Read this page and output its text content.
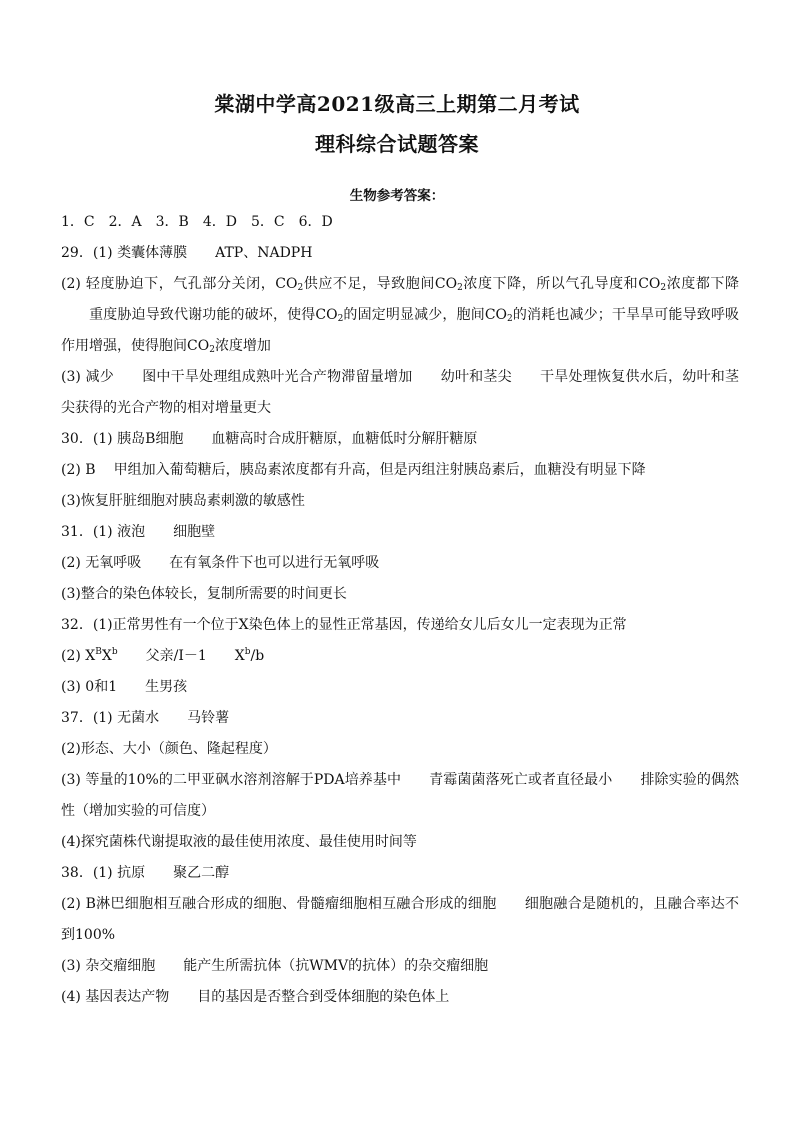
棠湖中学高2021级高三上期第二月考试
理科综合试题答案
生物参考答案：
1．C　2．A　3．B　4．D　5．C　6．D
29．(1) 类囊体薄膜 ATP、NADPH
(2) 轻度胁迫下，气孔部分关闭，$CO_2$供应不足，导致胞间$CO_2$浓度下降，所以气孔导度和$CO_2$浓度都下降重度胁迫导致代谢功能的破坏，使得$CO_2$的固定明显减少，胞间$CO_2$的消耗也减少；干旱旱可能导致呼吸作用增强，使得胞间$CO_2$浓度增加
(3) 减少 图中干旱处理组成熟叶光合产物滞留量增加 幼叶和茎尖 干旱处理恢复供水后，幼叶和茎尖获得的光合产物的相对增量更大
30．(1) 胰岛B细胞 血糖高时合成肝糖原，血糖低时分解肝糖原
(2) B 甲组加入葡萄糖后，胰岛素浓度都有升高，但是丙组注射胰岛素后，血糖没有明显下降
(3)恢复肝脏细胞对胰岛素刺激的敏感性
31．(1) 液泡 细胞壁
(2) 无氧呼吸 在有氧条件下也可以进行无氧呼吸
(3)整合的染色体较长，复制所需要的时间更长
32．(1)正常男性有一个位于X染色体上的显性正常基因，传递给女儿后女儿一定表现为正常
(2) $X^BX^b$ 父亲/I－1 $X^b/b$
(3) 0和1 生男孩
37．(1) 无菌水 马铃薯
(2)形态、大小（颜色、隆起程度）
(3) 等量的10%的二甲亚砜水溶剂溶解于PDA培养基中 青霉菌菌落死亡或者直径最小 排除实验的偶然性（增加实验的可信度）
(4)探究菌株代谢提取液的最佳使用浓度、最佳使用时间等
38．(1) 抗原 聚乙二醇
(2) B淋巴细胞相互融合形成的细胞、骨髓瘤细胞相互融合形成的细胞 细胞融合是随机的，且融合率达不到100%
(3) 杂交瘤细胞 能产生所需抗体（抗WMV的抗体）的杂交瘤细胞
(4) 基因表达产物 目的基因是否整合到受体细胞的染色体上
